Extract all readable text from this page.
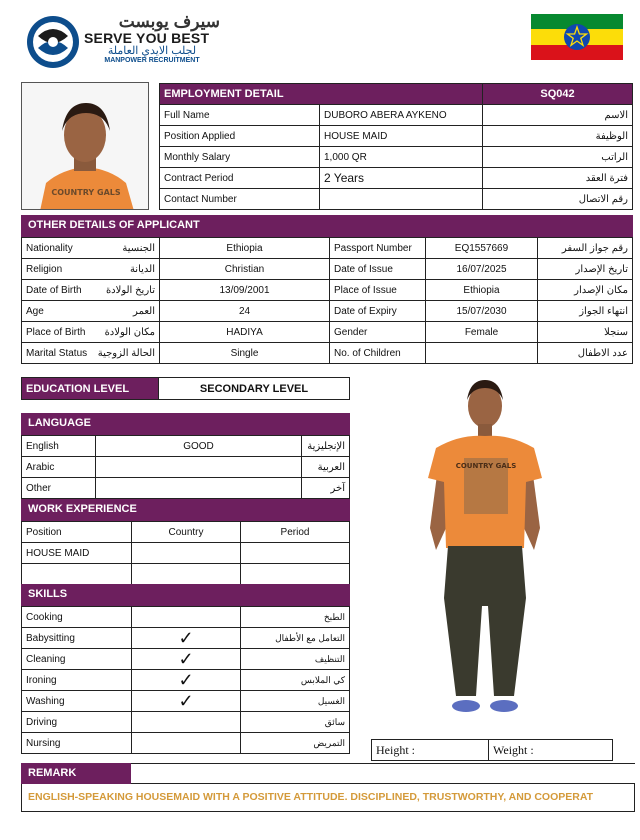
سيرف يوبست
SERVE YOU BEST
لجلب الايدي العاملة
MANPOWER RECRUITMENT
COUNTRY GALS
EMPLOYMENT DETAIL		SQ042
Full Name	DUBORO ABERA AYKENO	الاسم
Position Applied	HOUSE MAID	الوظيفة
Monthly Salary	1,000 QR	الراتب
Contract Period	2 Years	فترة العقد
Contact Number		رقم الاتصال
OTHER DETAILS OF APPLICANT
Nationality الجنسية	Ethiopia	Passport Number	EQ1557669	رقم جواز السفر
Religion الديانة	Christian	Date of Issue	16/07/2025	تاريخ الإصدار
Date of Birth تاريخ الولادة	13/09/2001	Place of Issue	Ethiopia	مكان الإصدار
Age العمر	24	Date of Expiry	15/07/2030	انتهاء الجواز
Place of Birth مكان الولادة	HADIYA	Gender	Female	سنجلا
Marital Status الحالة الزوجية	Single	No. of Children		عدد الاطفال
EDUCATION LEVEL	SECONDARY LEVEL
LANGUAGE
English	GOOD	الإنجليزية
Arabic		العربية
Other		آخر
WORK EXPERIENCE
Position	Country	Period
HOUSE MAID		

SKILLS
Cooking		الطبخ
Babysitting	✓	التعامل مع الأطفال
Cleaning	✓	التنظيف
Ironing	✓	كي الملابس
Washing	✓	الغسيل
Driving		سائق
Nursing		التمريض
COUNTRY GALS
Height :	Weight :
REMARK
ENGLISH-SPEAKING HOUSEMAID WITH A POSITIVE ATTITUDE. DISCIPLINED, TRUSTWORTHY, AND COOPERAT
